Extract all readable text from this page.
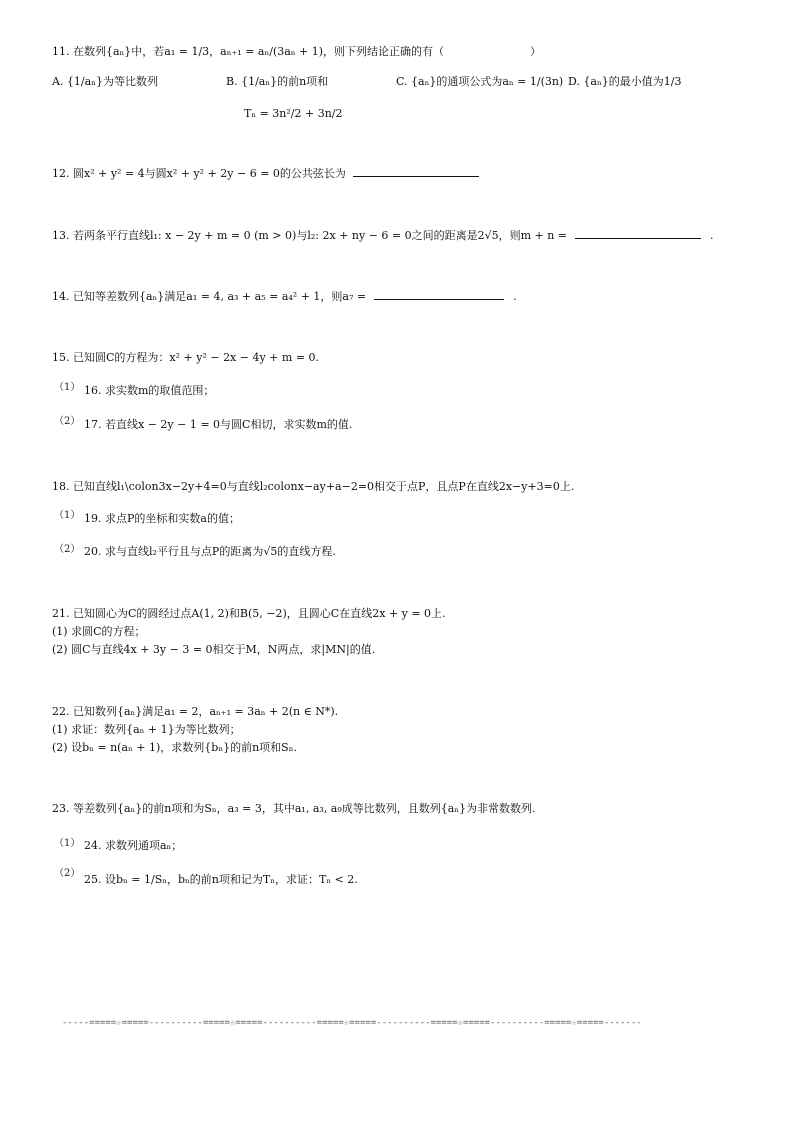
11. 在数列{aₙ}中，若a₁ = 1/3，aₙ₊₁ = aₙ/(3aₙ + 1)，则下列结论正确的有（	）
A. {1/aₙ}为等比数列	B. {1/aₙ}的前n项和
Tₙ = 3n²/2 + 3n/2
C. {aₙ}的通项公式为aₙ = 1/(3n) D. {aₙ}的最小值为1/3
12. 圆x² + y² = 4与圆x² + y² + 2y − 6 = 0的公共弦长为
13. 若两条平行直线l₁: x − 2y + m = 0 (m > 0)与l₂: 2x + ny − 6 = 0之间的距离是2√5，则m + n =	.
14. 已知等差数列{aₙ}满足a₁ = 4, a₃ + a₅ = a₄² + 1，则a₇ =	.
15. 已知圆C的方程为：x² + y² − 2x − 4y + m = 0.
（1） 16. 求实数m的取值范围；
（2） 17. 若直线x − 2y − 1 = 0与圆C相切，求实数m的值.
18. 已知直线l₁\colon3x−2y+4=0与直线l₂colonx−ay+a−2=0相交于点P，且点P在直线2x−y+3=0上.
（1） 19. 求点P的坐标和实数a的值；
（2） 20. 求与直线l₂平行且与点P的距离为√5的直线方程.
21. 已知圆心为C的圆经过点A(1, 2)和B(5, −2)，且圆心C在直线2x + y = 0上.
(1) 求圆C的方程；
(2) 圆C与直线4x + 3y − 3 = 0相交于M，N两点，求|MN|的值.
22. 已知数列{aₙ}满足a₁ = 2，aₙ₊₁ = 3aₙ + 2(n ∈ N*).
(1) 求证：数列{aₙ + 1}为等比数列；
(2) 设bₙ = n(aₙ + 1)，求数列{bₙ}的前n项和Sₙ.
23. 等差数列{aₙ}的前n项和为Sₙ，a₃ = 3，其中a₁, a₃, a₉成等比数列，且数列{aₙ}为非常数数列.
（1） 24. 求数列通项aₙ；
（2） 25. 设bₙ = 1/Sₙ，bₙ的前n项和记为Tₙ，求证：Tₙ < 2.
-----=====☆=====----------=====☆=====----------=====☆=====----------=====☆=====----------=====☆=====-------
